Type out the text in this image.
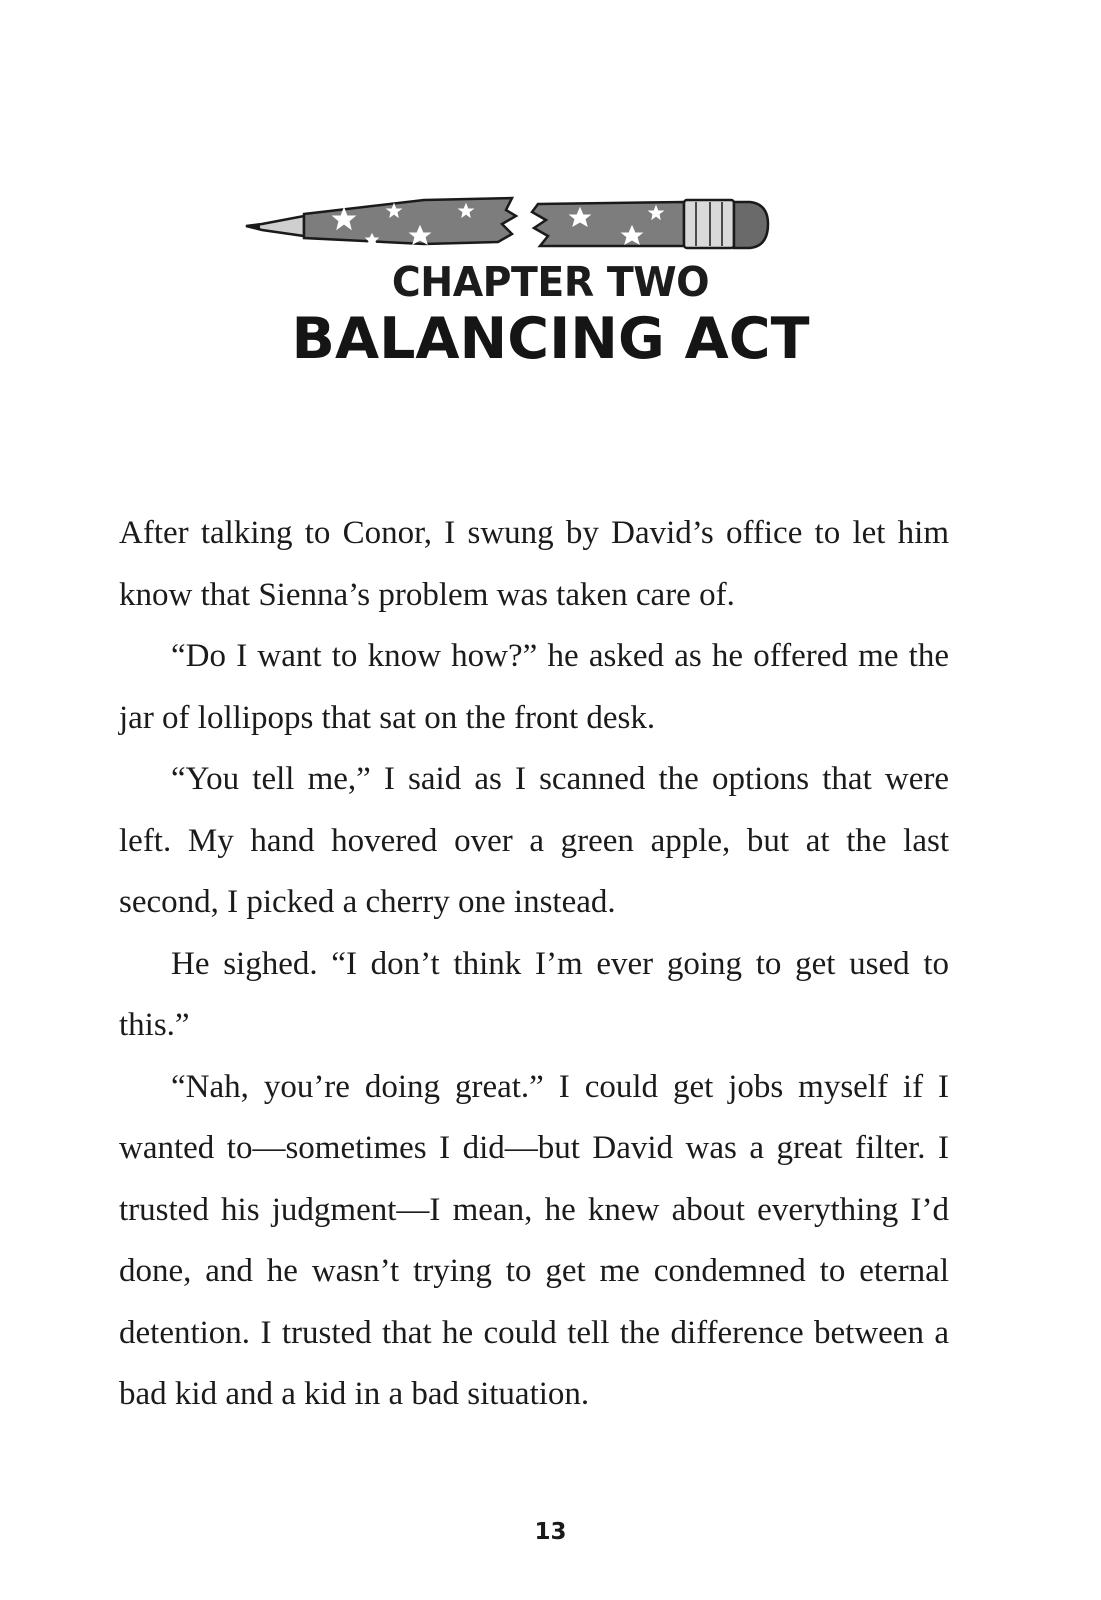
CHAPTER TWO
BALANCING ACT

After talking to Conor, I swung by David’s office to let him know that Sienna’s problem was taken care of.

“Do I want to know how?” he asked as he offered me the jar of lollipops that sat on the front desk.

“You tell me,” I said as I scanned the options that were left. My hand hovered over a green apple, but at the last second, I picked a cherry one instead.

He sighed. “I don’t think I’m ever going to get used to this.”

“Nah, you’re doing great.” I could get jobs myself if I wanted to—sometimes I did—but David was a great filter. I trusted his judgment—I mean, he knew about everything I’d done, and he wasn’t trying to get me condemned to eternal detention. I trusted that he could tell the difference between a bad kid and a kid in a bad situation.

13
